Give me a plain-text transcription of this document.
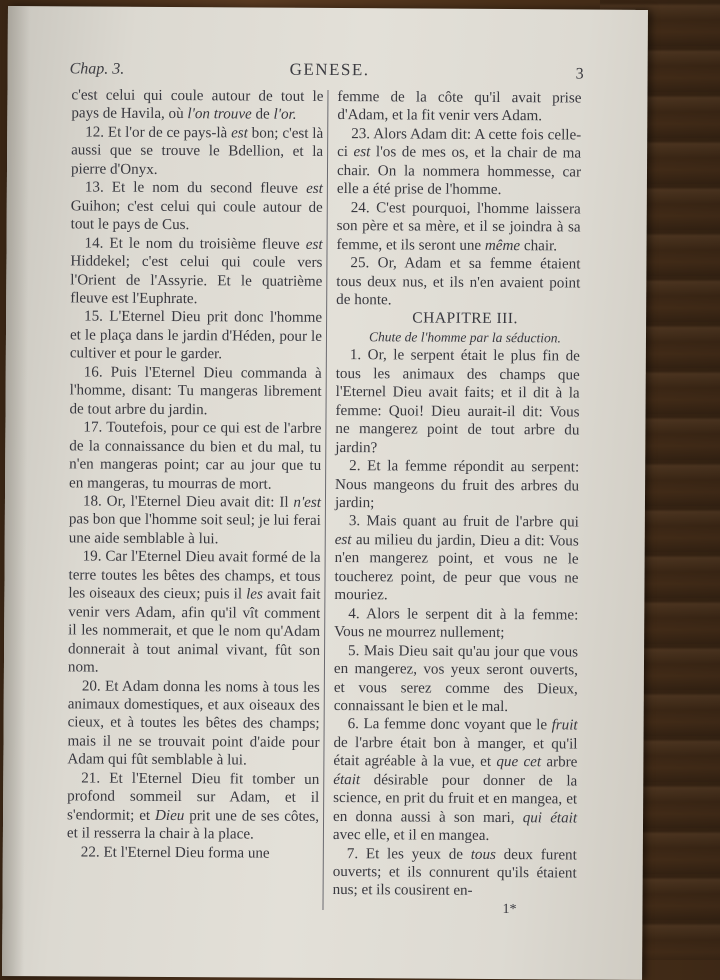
Chap. 3.	GENESE.	3

c'est celui qui coule autour de tout le pays de Havila, où l'on trouve de l'or.

12. Et l'or de ce pays-là est bon; c'est là aussi que se trouve le Bdellion, et la pierre d'Onyx.

13. Et le nom du second fleuve est Guihon; c'est celui qui coule autour de tout le pays de Cus.

14. Et le nom du troisième fleuve est Hiddekel; c'est celui qui coule vers l'Orient de l'Assyrie. Et le quatrième fleuve est l'Euphrate.

15. L'Eternel Dieu prit donc l'homme et le plaça dans le jardin d'Héden, pour le cultiver et pour le garder.

16. Puis l'Eternel Dieu commanda à l'homme, disant: Tu mangeras librement de tout arbre du jardin.

17. Toutefois, pour ce qui est de l'arbre de la connaissance du bien et du mal, tu n'en mangeras point; car au jour que tu en mangeras, tu mourras de mort.

18. Or, l'Eternel Dieu avait dit: Il n'est pas bon que l'homme soit seul; je lui ferai une aide semblable à lui.

19. Car l'Eternel Dieu avait formé de la terre toutes les bêtes des champs, et tous les oiseaux des cieux; puis il les avait fait venir vers Adam, afin qu'il vît comment il les nommerait, et que le nom qu'Adam donnerait à tout animal vivant, fût son nom.

20. Et Adam donna les noms à tous les animaux domestiques, et aux oiseaux des cieux, et à toutes les bêtes des champs; mais il ne se trouvait point d'aide pour Adam qui fût semblable à lui.

21. Et l'Eternel Dieu fit tomber un profond sommeil sur Adam, et il s'endormit; et Dieu prit une de ses côtes, et il resserra la chair à la place.

22. Et l'Eternel Dieu forma une

femme de la côte qu'il avait prise d'Adam, et la fit venir vers Adam.

23. Alors Adam dit: A cette fois celle-ci est l'os de mes os, et la chair de ma chair. On la nommera hommesse, car elle a été prise de l'homme.

24. C'est pourquoi, l'homme laissera son père et sa mère, et il se joindra à sa femme, et ils seront une même chair.

25. Or, Adam et sa femme étaient tous deux nus, et ils n'en avaient point de honte.

CHAPITRE III.

Chute de l'homme par la séduction.

1. Or, le serpent était le plus fin de tous les animaux des champs que l'Eternel Dieu avait faits; et il dit à la femme: Quoi! Dieu aurait-il dit: Vous ne mangerez point de tout arbre du jardin?

2. Et la femme répondit au serpent: Nous mangeons du fruit des arbres du jardin;

3. Mais quant au fruit de l'arbre qui est au milieu du jardin, Dieu a dit: Vous n'en mangerez point, et vous ne le toucherez point, de peur que vous ne mouriez.

4. Alors le serpent dit à la femme: Vous ne mourrez nullement;

5. Mais Dieu sait qu'au jour que vous en mangerez, vos yeux seront ouverts, et vous serez comme des Dieux, connaissant le bien et le mal.

6. La femme donc voyant que le fruit de l'arbre était bon à manger, et qu'il était agréable à la vue, et que cet arbre était désirable pour donner de la science, en prit du fruit et en mangea, et en donna aussi à son mari, qui était avec elle, et il en mangea.

7. Et les yeux de tous deux furent ouverts; et ils connurent qu'ils étaient nus; et ils cousirent en-

1*
